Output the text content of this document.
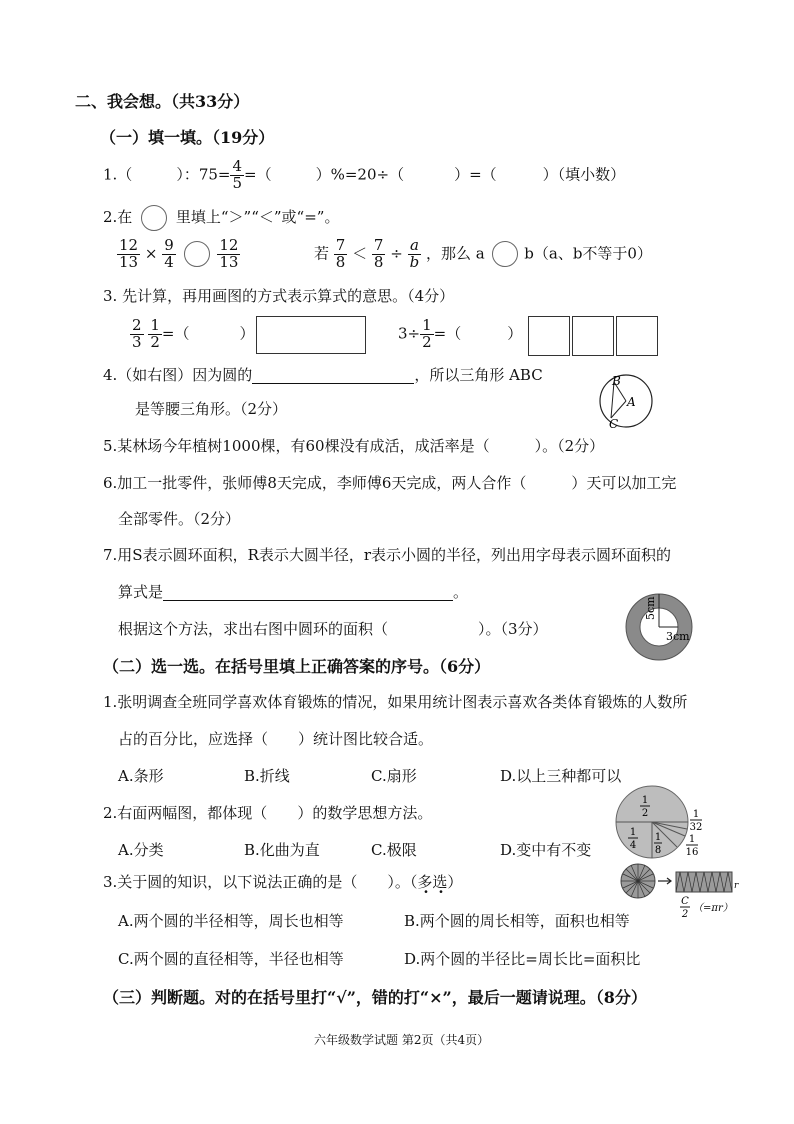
二、我会想。（共33分）
（一）填一填。（19分）
1.（	）：$75= \frac{4}{5}$ =（	）%=20÷（	）=（	）（填小数）
2.在	里填上“＞”“＜”或“=”。
$\frac{12}{13} \times \frac{9}{4}$
	$\frac{12}{13}$	若 $\frac{7}{8} < \frac{7}{8} \div \frac{a}{b}$ ，那么 a	b（a、b不等于0）
3. 先计算，再用画图的方式表示算式的意思。（4分）
$\frac{2}{3}$
$\frac{1}{2}$ =（	）	$3\div \frac{1}{2}$ =（	）
4.（如右图）因为圆的	，所以三角形 ABC
是等腰三角形。（2分）
B
A
C
5.某林场今年植树1000棵，有60棵没有成活，成活率是（　　　）。（2分）
6.加工一批零件，张师傅8天完成，李师傅6天完成，两人合作（　　　）天可以加工完
全部零件。（2分）
7.用S表示圆环面积，R表示大圆半径，r表示小圆的半径，列出用字母表示圆环面积的
算式是	。
根据这个方法，求出右图中圆环的面积（　　　　　　）。（3分）
5cm
3cm
（二）选一选。在括号里填上正确答案的序号。（6分）
1.张明调查全班同学喜欢体育锻炼的情况，如果用统计图表示喜欢各类体育锻炼的人数所
占的百分比，应选择（　　）统计图比较合适。
A.条形	B.折线	C.扇形	D.以上三种都可以
2.右面两幅图，都体现（　　）的数学思想方法。
A.分类	B.化曲为直	C.极限	D.变中有不变
1
2
1
4
1
8
1
16
1
32
3.关于圆的知识，以下说法正确的是（　　）。（多选）
A.两个圆的半径相等，周长也相等	B.两个圆的周长相等，面积也相等
C.两个圆的直径相等，半径也相等	D.两个圆的半径比=周长比=面积比
r
C
2
（=πr）
（三）判断题。对的在括号里打“√”，错的打“×”，最后一题请说理。（8分）
六年级数学试题 第2页（共4页）
